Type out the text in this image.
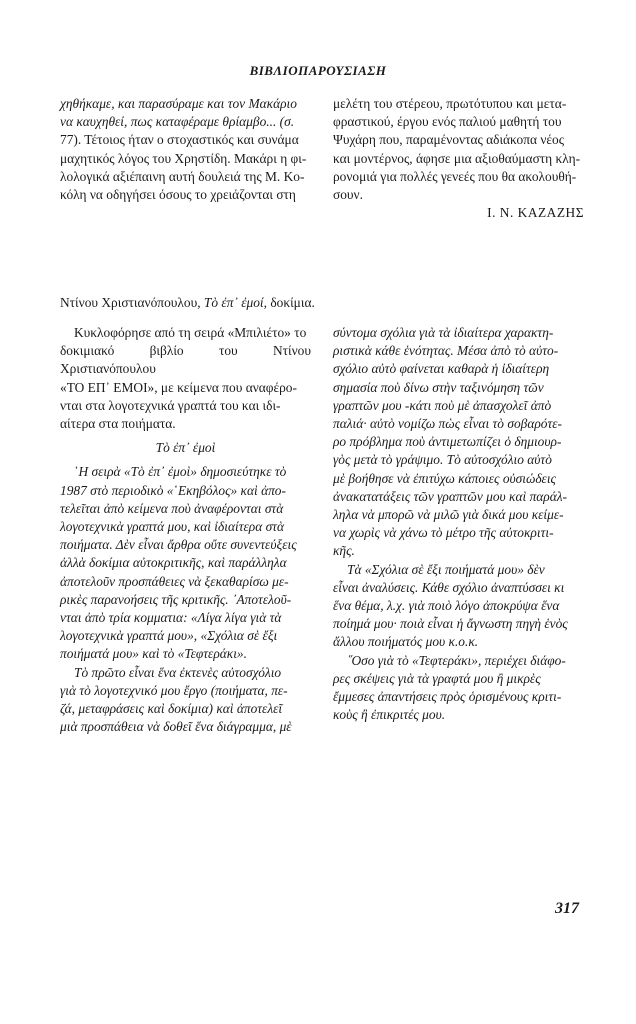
ΒΙΒΛΙΟΠΑΡΟΥΣΙΑΣΗ

χηθήκαμε, και παρασύραμε και τον Μακάριο

να καυχηθεί, πως καταφέραμε θρίαμβο... (σ.

77). Τέτοιος ήταν ο στοχαστικός και συνάμα

μαχητικός λόγος του Χρηστίδη. Μακάρι η φι-

λολογικά αξιέπαινη αυτή δουλειά της Μ. Κο-

κόλη να οδηγήσει όσους το χρειάζονται στη

μελέτη του στέρεου, πρωτότυπου και μετα-

φραστικού, έργου ενός παλιού μαθητή του

Ψυχάρη που, παραμένοντας αδιάκοπα νέος

και μοντέρνος, άφησε μια αξιοθαύμαστη κλη-

ρονομιά για πολλές γενεές που θα ακολουθή-

σουν.

Ι. Ν. ΚΑΖΑΖΗΣ
Ντίνου Χριστιανόπουλου, Τὸ ἐπ᾽ ἐμοί, δοκίμια.

Κυκλοφόρησε από τη σειρά «Μπιλιέτο» το

δοκιμιακό βιβλίο του Ντίνου Χριστιανόπουλου

«ΤΟ ΕΠ᾽ ΕΜΟΙ», με κείμενα που αναφέρο-

νται στα λογοτεχνικά γραπτά του και ιδι-

αίτερα στα ποιήματα.

Τὸ ἐπ᾽ ἐμοὶ

῾Η σειρὰ «Τὸ ἐπ᾽ ἐμοὶ» δημοσιεύτηκε τὸ

1987 στὸ περιοδικὸ «῾Εκηβόλος» καὶ ἀπο-

τελεῖται ἀπὸ κείμενα ποὺ ἀναφέρονται στὰ

λογοτεχνικὰ γραπτά μου, καὶ ἰδιαίτερα στὰ

ποιήματα. Δὲν εἶναι ἄρθρα οὔτε συνεντεύξεις

ἀλλὰ δοκίμια αὐτοκριτικῆς, καὶ παράλληλα

ἀποτελοῦν προσπάθειες νὰ ξεκαθαρίσω με-

ρικὲς παρανοήσεις τῆς κριτικῆς. ᾽Αποτελοῦ-

νται ἀπὸ τρία κομματια: «Λίγα λίγα γιὰ τὰ

λογοτεχνικὰ γραπτά μου», «Σχόλια σὲ ἔξι

ποιήματά μου» καὶ τὸ «Τεφτεράκι».

Τὸ πρῶτο εἶναι ἕνα ἐκτενὲς αὐτοσχόλιο

γιὰ τὸ λογοτεχνικό μου ἔργο (ποιήματα, πε-

ζά, μεταφράσεις καὶ δοκίμια) καὶ ἀποτελεῖ

μιὰ προσπάθεια νὰ δοθεῖ ἕνα διάγραμμα, μὲ

σύντομα σχόλια γιὰ τὰ ἰδιαίτερα χαρακτη-

ριστικὰ κάθε ἑνότητας. Μέσα ἀπὸ τὸ αὐτο-

σχόλιο αὐτὸ φαίνεται καθαρὰ ἡ ἰδιαίτερη

σημασία ποὺ δίνω στὴν ταξινόμηση τῶν

γραπτῶν μου -κάτι ποὺ μὲ ἀπασχολεῖ ἀπὸ

παλιά· αὐτὸ νομίζω πὼς εἶναι τὸ σοβαρότε-

ρο πρόβλημα ποὺ ἀντιμετωπίζει ὁ δημιουρ-

γὸς μετὰ τὸ γράψιμο. Τὸ αὐτοσχόλιο αὐτὸ

μὲ βοήθησε νὰ ἐπιτύχω κάποιες οὐσιώδεις

ἀνακατατάξεις τῶν γραπτῶν μου καὶ παράλ-

ληλα νὰ μπορῶ νὰ μιλῶ γιὰ δικά μου κείμε-

να χωρὶς νὰ χάνω τὸ μέτρο τῆς αὐτοκριτι-

κῆς.

Τὰ «Σχόλια σὲ ἔξι ποιήματά μου» δὲν

εἶναι ἀναλύσεις. Κάθε σχόλιο ἀναπτύσσει κι

ἕνα θέμα, λ.χ. γιὰ ποιὸ λόγο ἀποκρύψα ἕνα

ποίημά μου· ποιὰ εἶναι ἡ ἄγνωστη πηγὴ ἑνὸς

ἄλλου ποιήματός μου κ.ο.κ.

῞Οσο γιὰ τὸ «Τεφτεράκι», περιέχει διάφο-

ρες σκέψεις γιὰ τὰ γραφτά μου ἢ μικρὲς

ἔμμεσες ἀπαντήσεις πρὸς ὁρισμένους κριτι-

κοὺς ἢ ἐπικριτές μου.

317
